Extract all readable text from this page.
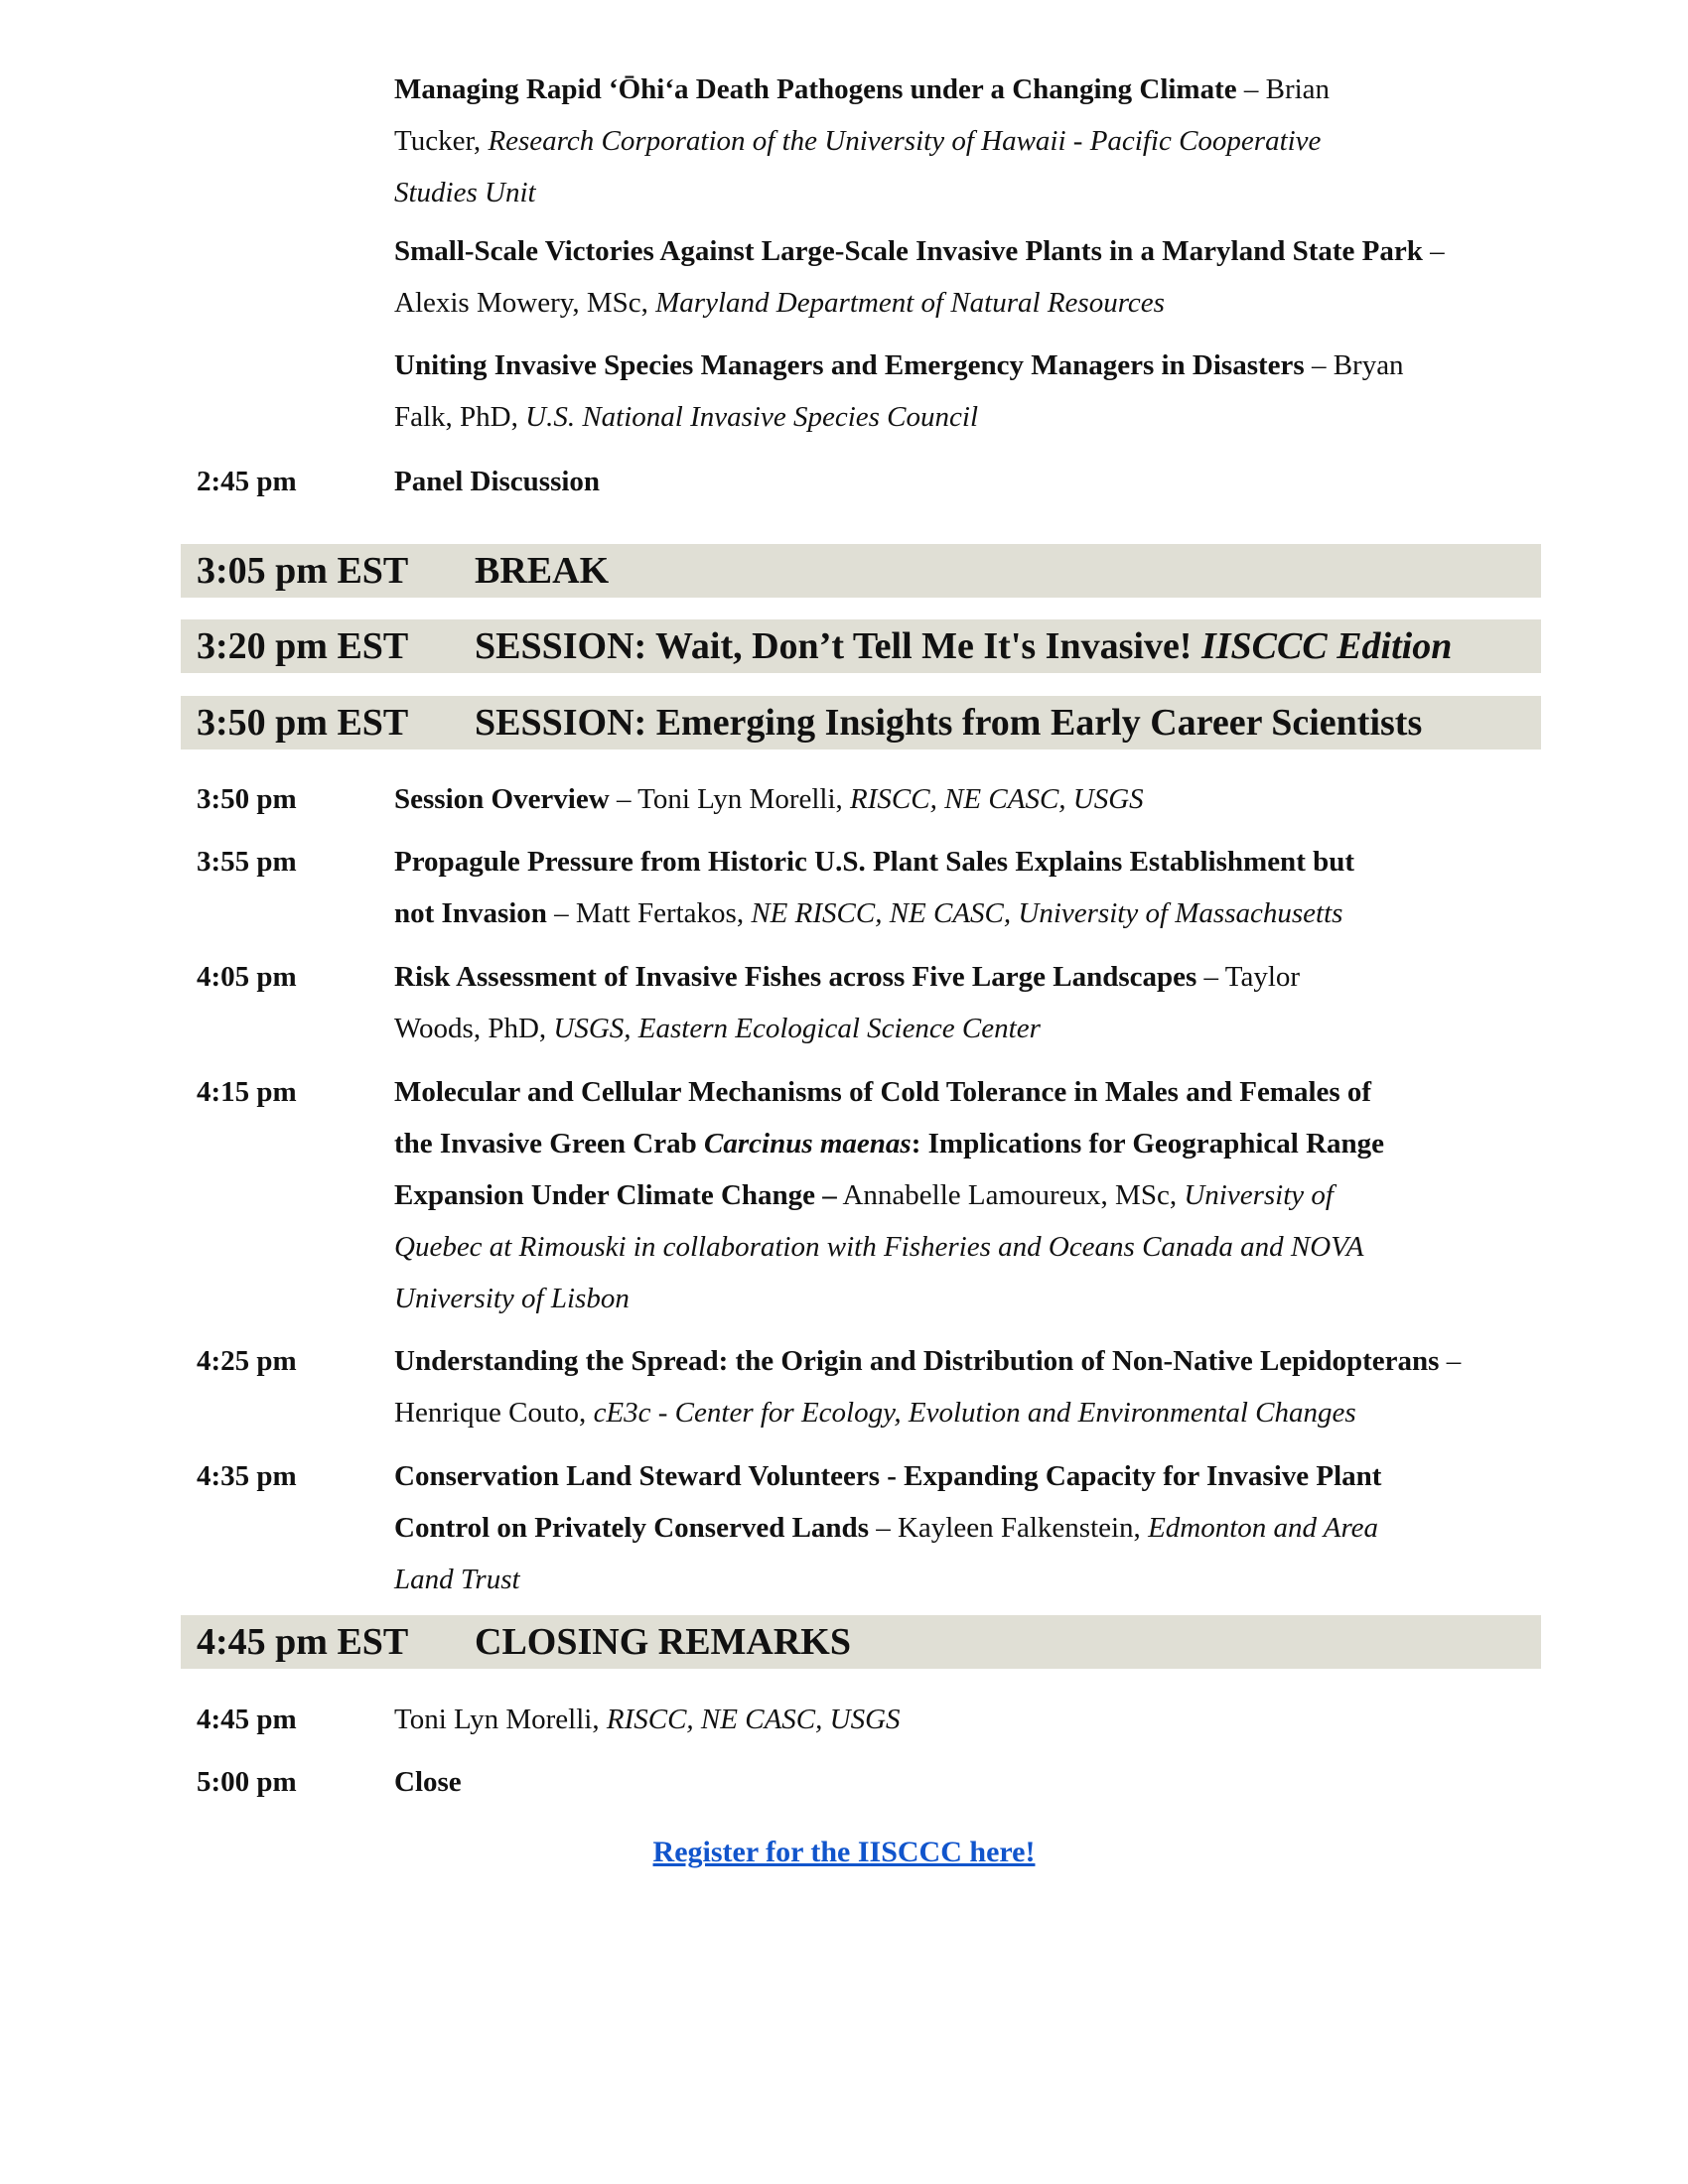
Managing Rapid ‘Ōhi‘a Death Pathogens under a Changing Climate – Brian
Tucker, Research Corporation of the University of Hawaii - Pacific Cooperative
Studies Unit
Small-Scale Victories Against Large-Scale Invasive Plants in a Maryland State Park –
Alexis Mowery, MSc, Maryland Department of Natural Resources
Uniting Invasive Species Managers and Emergency Managers in Disasters – Bryan
Falk, PhD, U.S. National Invasive Species Council
2:45 pm	Panel Discussion
3:05 pm EST BREAK
3:20 pm EST SESSION: Wait, Don’t Tell Me It's Invasive! IISCCC Edition
3:50 pm EST SESSION: Emerging Insights from Early Career Scientists
3:50 pm	Session Overview – Toni Lyn Morelli, RISCC, NE CASC, USGS
3:55 pm	Propagule Pressure from Historic U.S. Plant Sales Explains Establishment but
not Invasion – Matt Fertakos, NE RISCC, NE CASC, University of Massachusetts
4:05 pm	Risk Assessment of Invasive Fishes across Five Large Landscapes – Taylor
Woods, PhD, USGS, Eastern Ecological Science Center
4:15 pm	Molecular and Cellular Mechanisms of Cold Tolerance in Males and Females of
the Invasive Green Crab Carcinus maenas: Implications for Geographical Range
Expansion Under Climate Change – Annabelle Lamoureux, MSc, University of
Quebec at Rimouski in collaboration with Fisheries and Oceans Canada and NOVA
University of Lisbon
4:25 pm	Understanding the Spread: the Origin and Distribution of Non-Native Lepidopterans –
Henrique Couto, cE3c - Center for Ecology, Evolution and Environmental Changes
4:35 pm	Conservation Land Steward Volunteers - Expanding Capacity for Invasive Plant
Control on Privately Conserved Lands – Kayleen Falkenstein, Edmonton and Area
Land Trust
4:45 pm EST CLOSING REMARKS
4:45 pm	Toni Lyn Morelli, RISCC, NE CASC, USGS
5:00 pm	Close
Register for the IISCCC here!
